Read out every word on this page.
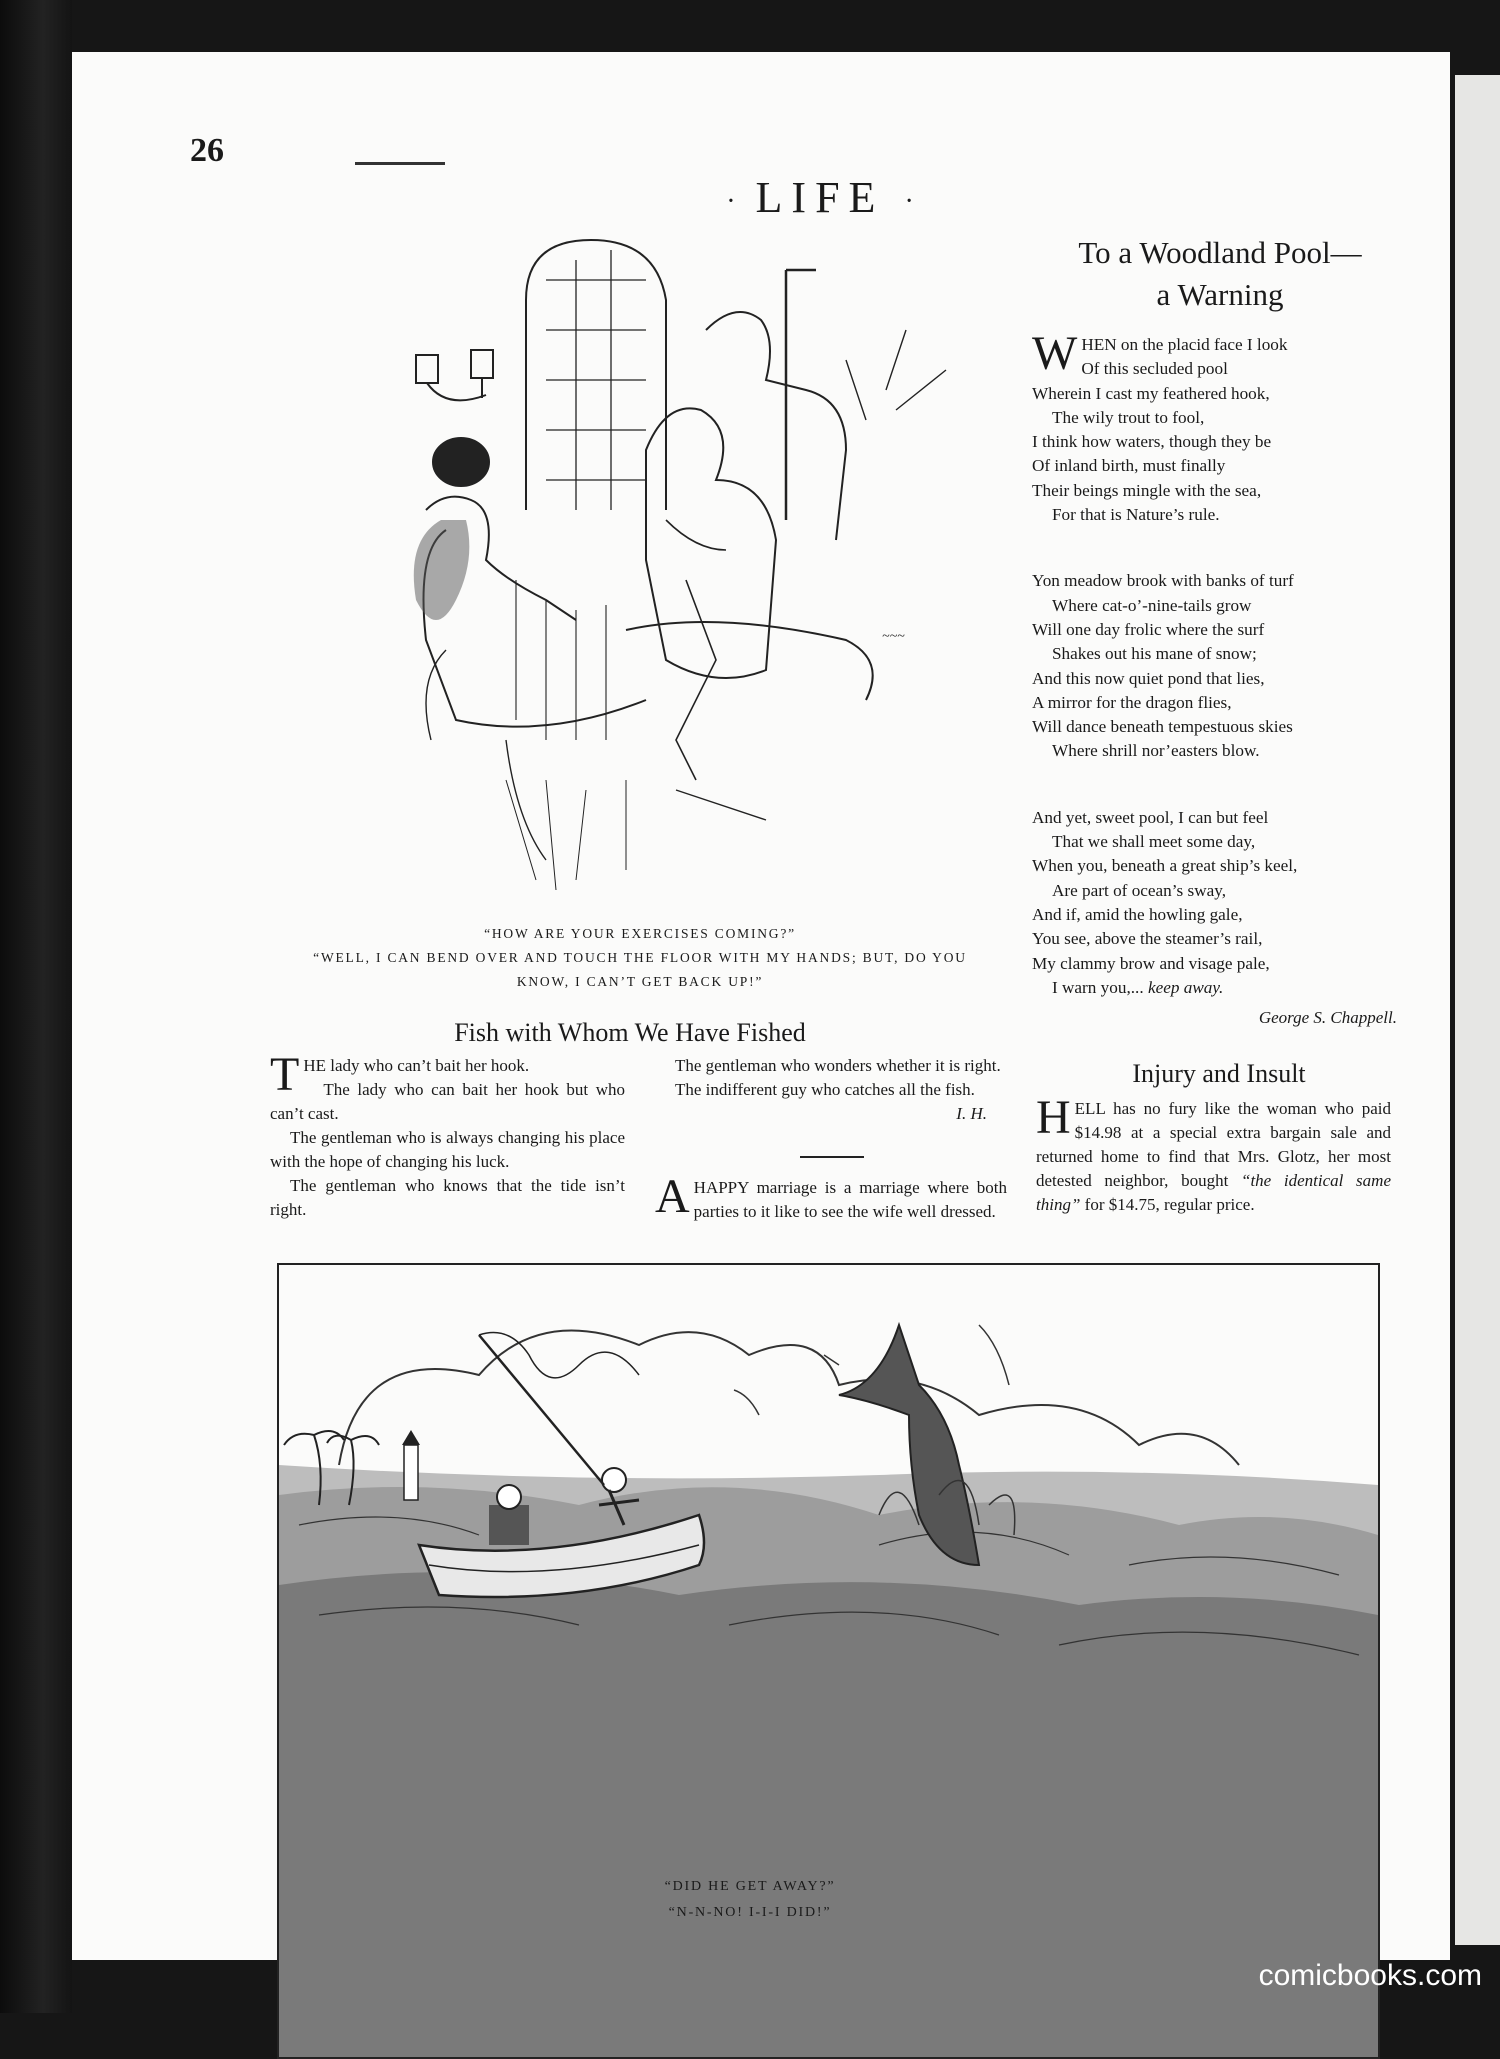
26
· LIFE ·
~~~
“HOW ARE YOUR EXERCISES COMING?”
“WELL, I CAN BEND OVER AND TOUCH THE FLOOR WITH MY HANDS; BUT, DO YOU
KNOW, I CAN’T GET BACK UP!”
To a Woodland Pool—
a Warning
W HEN on the placid face I look
Of this secluded pool
Wherein I cast my feathered hook,
The wily trout to fool,
I think how waters, though they be
Of inland birth, must finally
Their beings mingle with the sea,
For that is Nature’s rule.
Yon meadow brook with banks of turf
Where cat-o’-nine-tails grow
Will one day frolic where the surf
Shakes out his mane of snow;
And this now quiet pond that lies,
A mirror for the dragon flies,
Will dance beneath tempestuous skies
Where shrill nor’easters blow.
And yet, sweet pool, I can but feel
That we shall meet some day,
When you, beneath a great ship’s keel,
Are part of ocean’s sway,
And if, amid the howling gale,
You see, above the steamer’s rail,
My clammy brow and visage pale,
I warn you,... keep away.
George S. Chappell.
Fish with Whom We Have Fished

THE lady who can’t bait her hook.

The lady who can bait her hook but who can’t cast.

The gentleman who is always changing his place with the hope of changing his luck.

The gentleman who knows that the tide isn’t right.

The gentleman who wonders whether it is right.

The indifferent guy who catches all the fish.
I. H.

AHAPPY marriage is a marriage where both parties to it like to see the wife well dressed.

Injury and Insult

HELL has no fury like the woman who paid $14.98 at a special extra bargain sale and returned home to find that Mrs. Glotz, her most detested neighbor, bought “the identical same thing” for $14.75, regular price.

“DID HE GET AWAY?”
“N-N-NO! I-I-I DID!”
comicbooks.com
